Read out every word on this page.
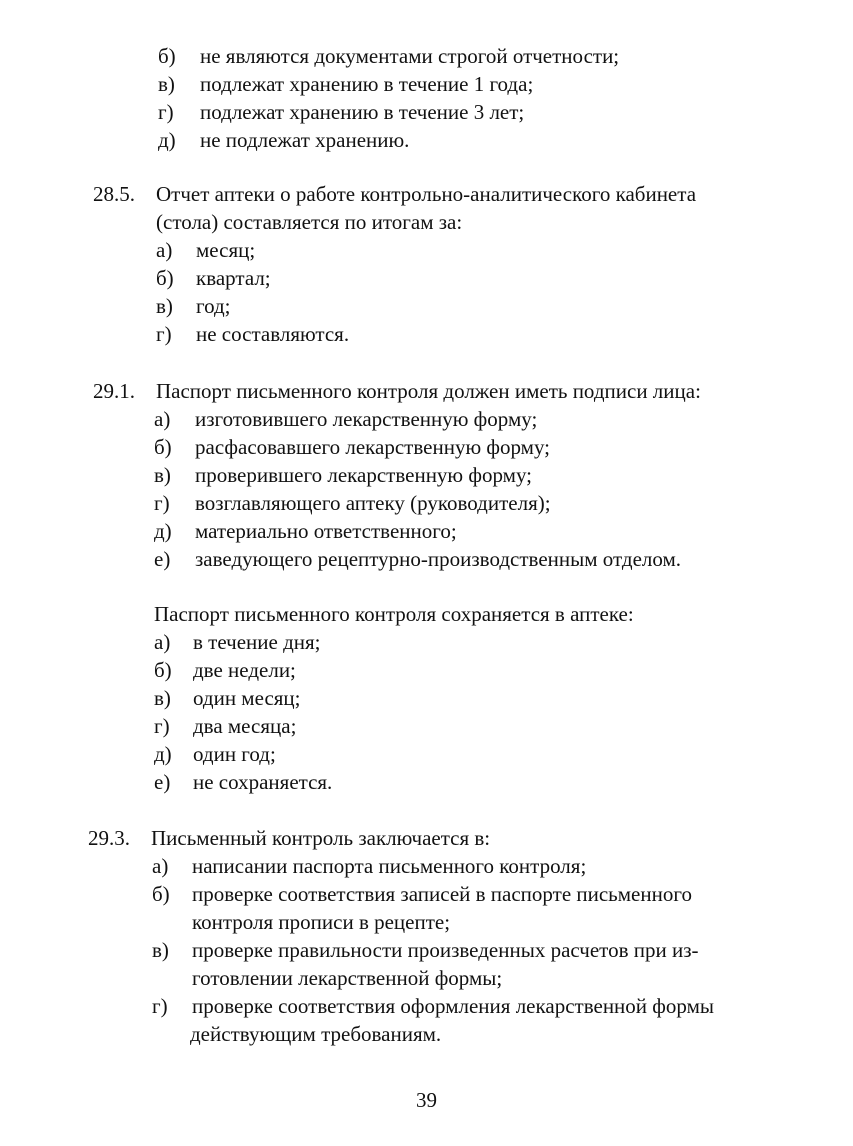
б) не являются документами строгой отчетности;
в) подлежат хранению в течение 1 года;
г) подлежат хранению в течение 3 лет;
д) не подлежат хранению.
28.5. Отчет аптеки о работе контрольно-аналитического кабинета
(стола) составляется по итогам за:
а) месяц;
б) квартал;
в) год;
г) не составляются.
29.1. Паспорт письменного контроля должен иметь подписи лица:
а) изготовившего лекарственную форму;
б) расфасовавшего лекарственную форму;
в) проверившего лекарственную форму;
г) возглавляющего аптеку (руководителя);
д) материально ответственного;
е) заведующего рецептурно-производственным отделом.
Паспорт письменного контроля сохраняется в аптеке:
а) в течение дня;
б) две недели;
в) один месяц;
г) два месяца;
д) один год;
е) не сохраняется.
29.3. Письменный контроль заключается в:
а) написании паспорта письменного контроля;
б) проверке соответствия записей в паспорте письменного
контроля прописи в рецепте;
в) проверке правильности произведенных расчетов при из-
готовлении лекарственной формы;
г) проверке соответствия оформления лекарственной формы
действующим требованиям.
39
